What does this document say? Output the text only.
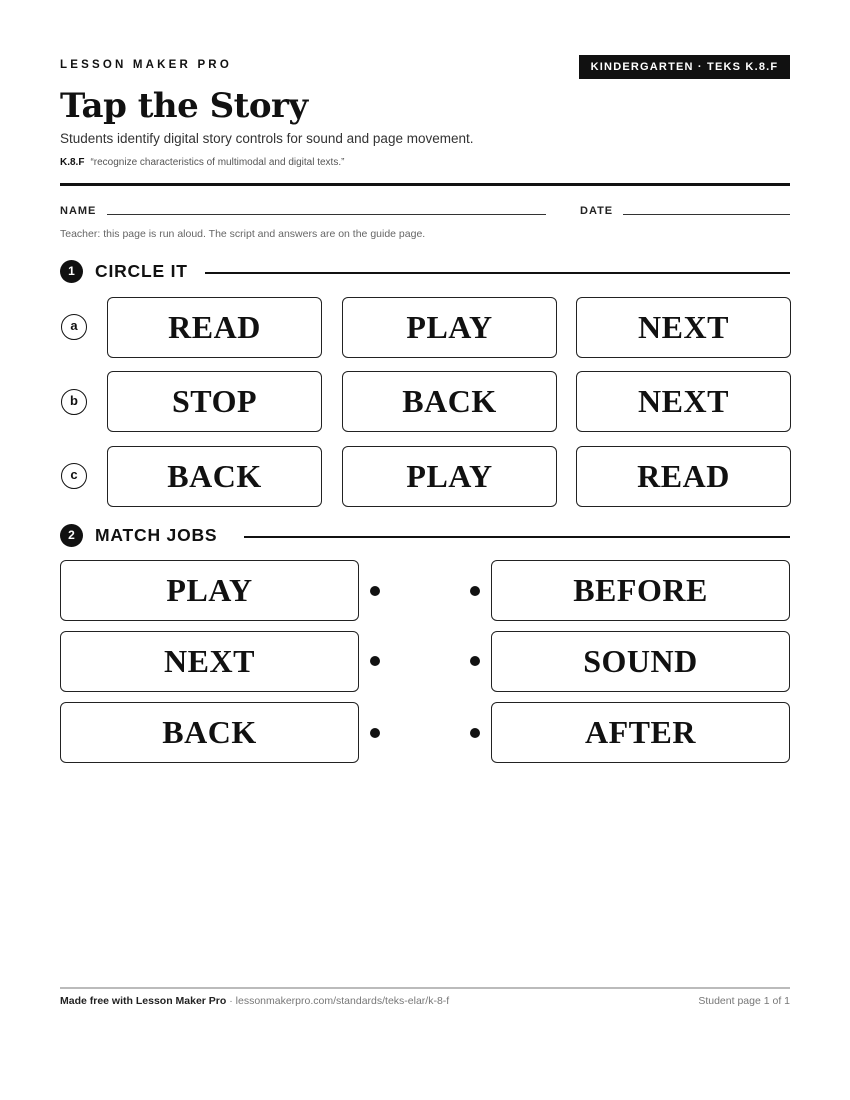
LESSON MAKER PRO	KINDERGARTEN · TEKS K.8.F
Tap the Story
Students identify digital story controls for sound and page movement.
K.8.F “recognize characteristics of multimodal and digital texts.”
NAME	DATE
Teacher: this page is run aloud. The script and answers are on the guide page.
1	CIRCLE IT
a	READ	PLAY	NEXT
b	STOP	BACK	NEXT
c	BACK	PLAY	READ
2	MATCH JOBS
PLAY	BEFORE
NEXT	SOUND
BACK	AFTER
Made free with Lesson Maker Pro · lessonmakerpro.com/standards/teks-elar/k-8-f	Student page 1 of 1
